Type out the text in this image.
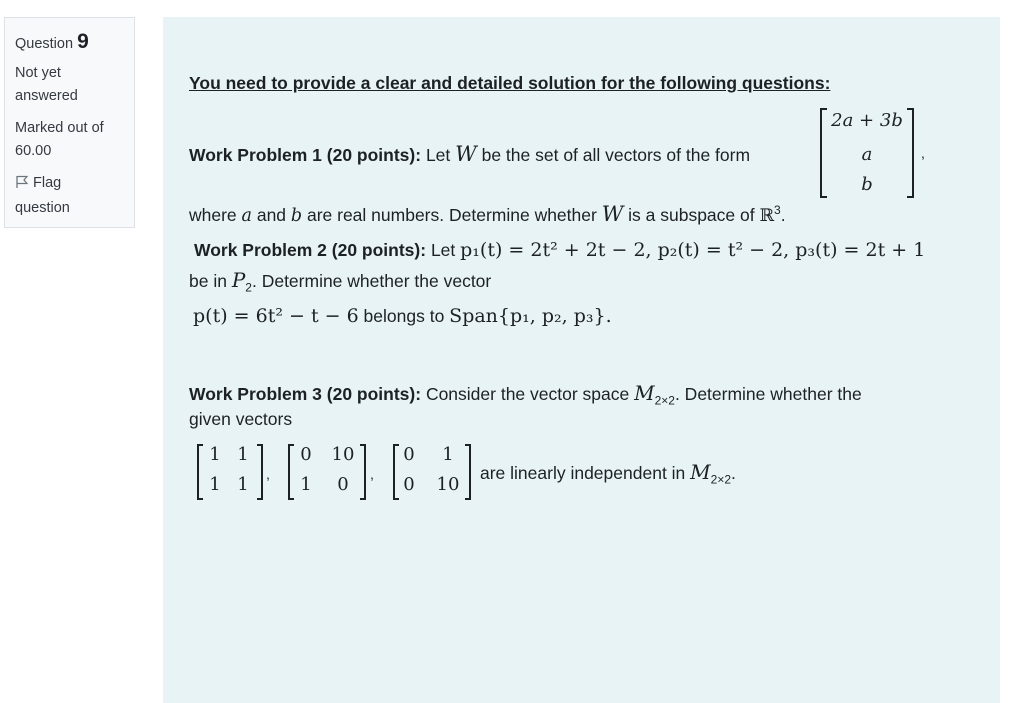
Question 9
Not yet
answered
Marked out of
60.00
Flag
question
You need to provide a clear and detailed solution for the following questions:
Work Problem 1 (20 points): Let W be the set of all vectors of the form
2a + 3b
a
b
,
where a and b are real numbers. Determine whether W is a subspace of ℝ$^3$.
Work Problem 2 (20 points): Let p₁(t) = 2t² + 2t − 2, p₂(t) = t² − 2, p₃(t) = 2t + 1
be in $P_2$. Determine whether the vector
p(t) = 6t² − t − 6 belongs to Span{p₁, p₂, p₃}.
Work Problem 3 (20 points): Consider the vector space $M_{2\times 2}$. Determine whether the
given vectors
1 1
1 1	,
0	10
1	0	,
0	1
0	10
are linearly independent in $M_{2\times 2}$.
